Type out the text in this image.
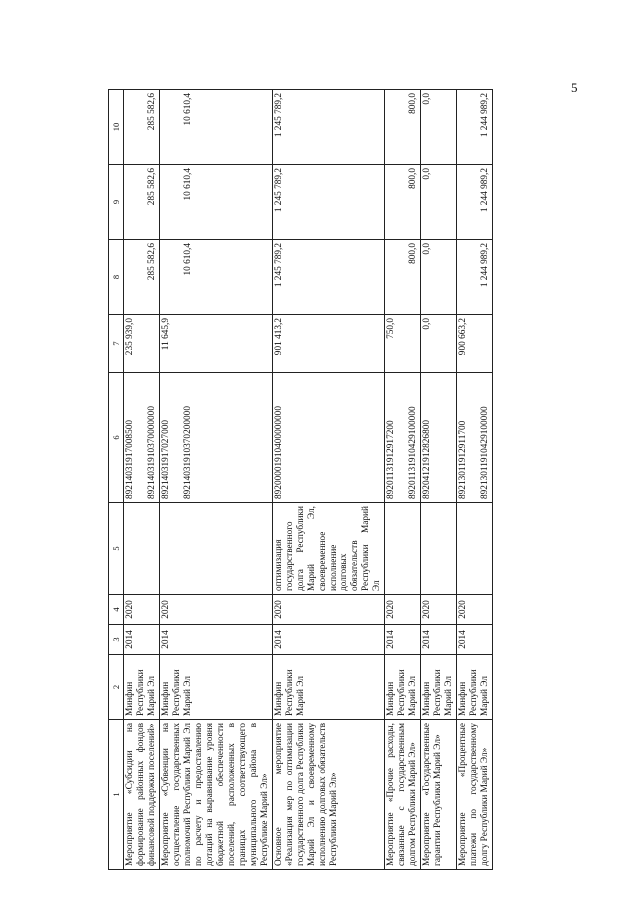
5
1	2	3	4	5	6	7	8	9	10
Мероприятие «Субсидии на формирование районных фондов финансовой поддержки поселений»	Минфин Республики Марий Эл	2014	2020		89214031917008500 89214031910370000000	235 939,0	285 582,6	285 582,6	285 582,6

Мероприятие «Субвенции на осуществление государственных полномочий Республики Марий Эл по расчету и предоставлению дотаций на выравнивание уровня бюджетной обеспеченности поселений, расположенных в границах соответствующего муниципального района в Республике Марий Эл»	Минфин Республики Марий Эл	2014	2020		89214031917027000 89214031910370200000	11 645,9	10 610,4	10 610,4	10 610,4

Основное мероприятие «Реализация мер по оптимизации государственного долга Республики Марий Эл и своевременному исполнению долговых обязательств Республики Марий Эл»	Минфин Республики Марий Эл	2014	2020	оптимизация государственного долга Республики Марий Эл, своевременное исполнение долговых обязательств Республики Марий Эл	89200001910400000000	901 413,2	1 245 789,2	1 245 789,2	1 245 789,2

Мероприятие «Прочие расходы, связанные с государственным долгом Республики Марий Эл»	Минфин Республики Марий Эл	2014	2020		89201131912917200 89201131910429100000	750,0	800,0	800,0	800,0

Мероприятие «Государственные гарантии Республики Марий Эл»	Минфин Республики Марий Эл	2014	2020		89204121912826800	0,0	0,0	0,0	0,0

Мероприятие «Процентные платежи по государственному долгу Республики Марий Эл»	Минфин Республики Марий Эл	2014	2020		89213011912911700 89213011910429100000	900 663,2	1 244 989,2	1 244 989,2	1 244 989,2
